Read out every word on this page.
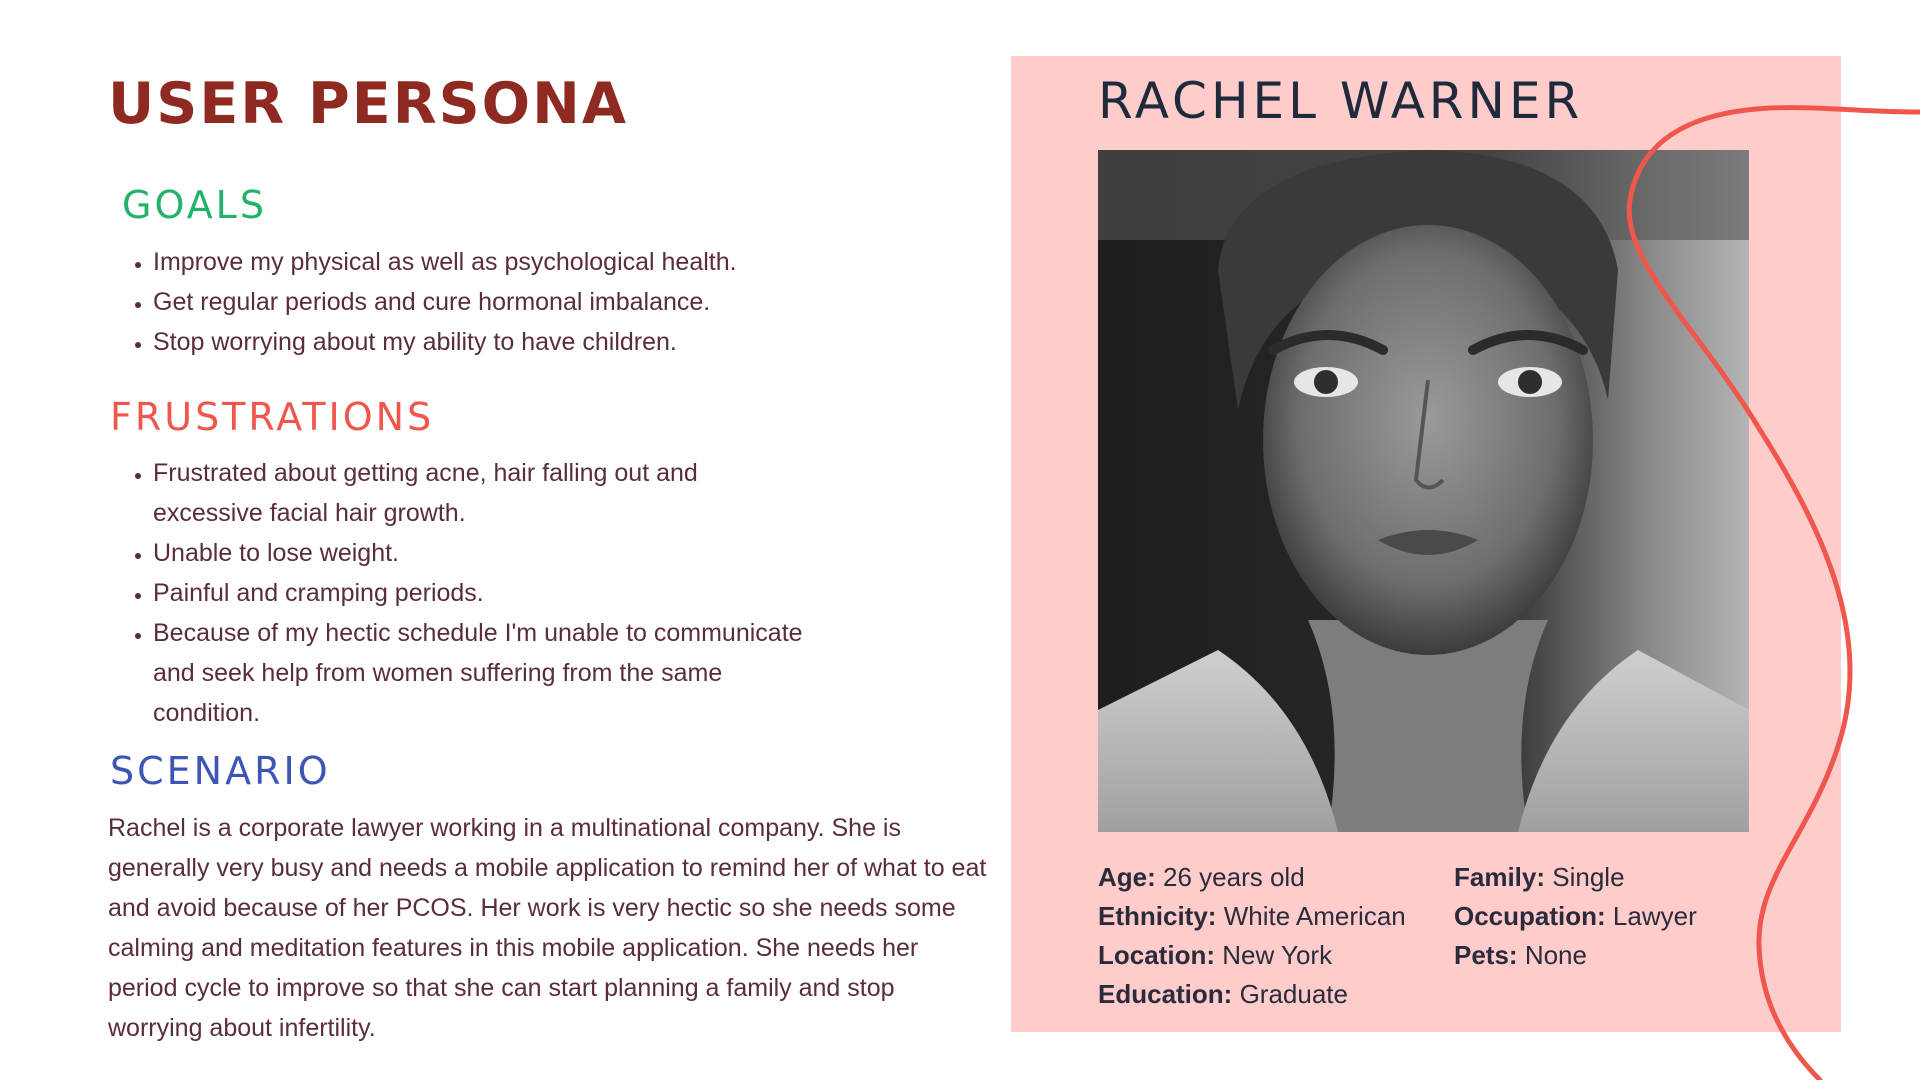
USER PERSONA
GOALS
• Improve my physical as well as psychological health.
• Get regular periods and cure hormonal imbalance.
• Stop worrying about my ability to have children.
FRUSTRATIONS
• Frustrated about getting acne, hair falling out and excessive facial hair growth.
• Unable to lose weight.
• Painful and cramping periods.
• Because of my hectic schedule I'm unable to communicate and seek help from women suffering from the same condition.
SCENARIO

Rachel is a corporate lawyer working in a multinational company. She is generally very busy and needs a mobile application to remind her of what to eat and avoid because of her PCOS. Her work is very hectic so she needs some calming and meditation features in this mobile application. She needs her period cycle to improve so that she can start planning a family and stop worrying about infertility.

RACHEL WARNER
Age: 26 years old
Ethnicity: White American
Location: New York
Education: Graduate
Family: Single
Occupation: Lawyer
Pets: None
